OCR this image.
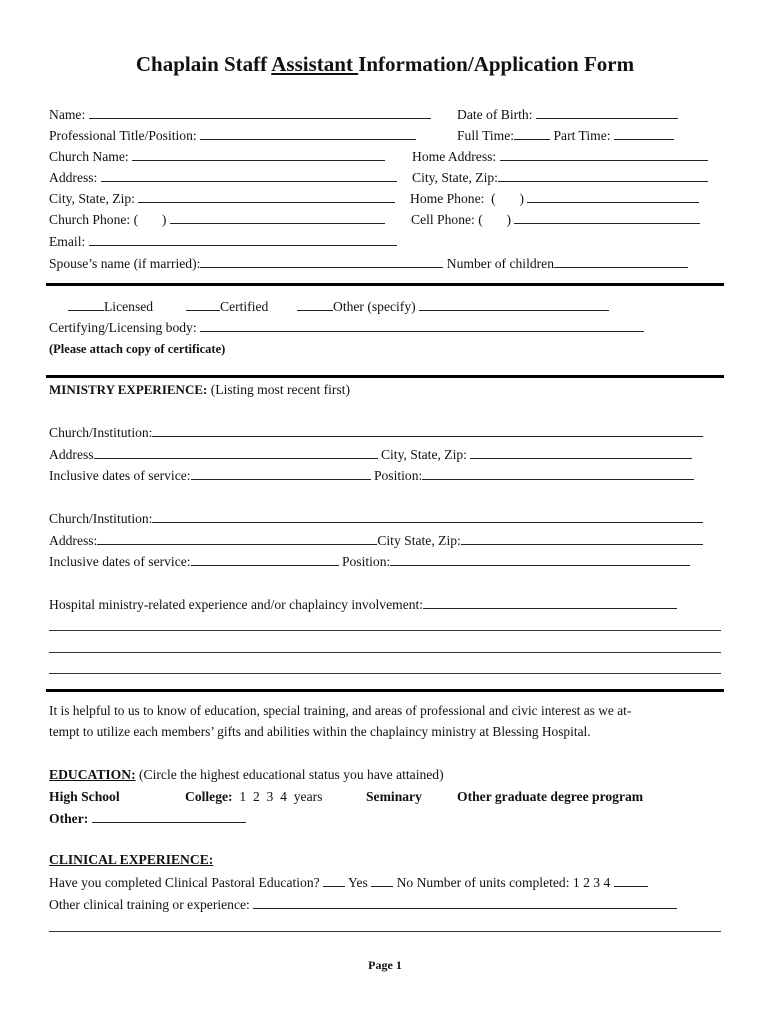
Chaplain Staff Assistant Information/Application Form
Name:	Date of Birth:
Professional Title/Position:	Full Time:	Part Time:
Church Name:	Home Address:
Address:	City, State, Zip:
City, State, Zip:	Home Phone:  (       )
Church Phone: (       )	Cell Phone: (       )
Email:
Spouse’s name (if married):	Number of children
Licensed	Certified	Other (specify)
Certifying/Licensing body:
(Please attach copy of certificate)
MINISTRY EXPERIENCE: (Listing most recent first)
Church/Institution:
Address	City, State, Zip:
Inclusive dates of service:	Position:
Church/Institution:
Address:	City State, Zip:
Inclusive dates of service:	Position:
Hospital ministry-related experience and/or chaplaincy involvement:
It is helpful to us to know of education, special training, and areas of professional and civic interest as we at-
tempt to utilize each members’ gifts and abilities within the chaplaincy ministry at Blessing Hospital.
EDUCATION: (Circle the highest educational status you have attained)
High School	College:  1  2  3  4  years	Seminary	Other graduate degree program
Other:
CLINICAL EXPERIENCE:
Have you completed Clinical Pastoral Education? Yes No Number of units completed: 1 2 3 4
Other clinical training or experience:
Page 1
